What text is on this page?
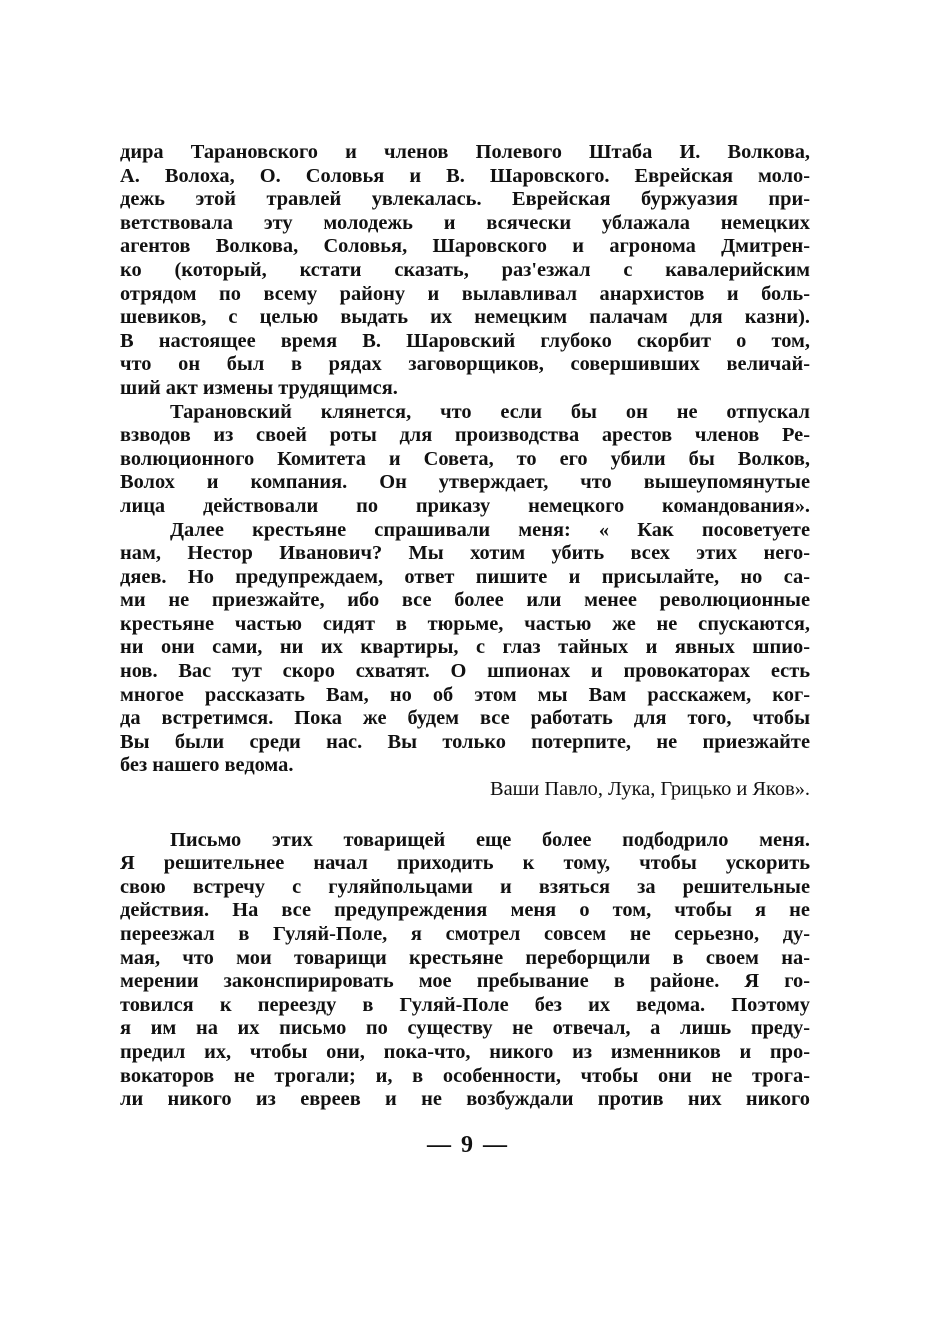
дира Тарановского и членов Полевого Штаба И. Волкова,
А. Волоха, О. Соловья и В. Шаровского. Еврейская моло-
дежь этой травлей увлекалась. Еврейская буржуазия при-
ветствовала эту молодежь и всячески ублажала немецких
агентов Волкова, Соловья, Шаровского и агронома Дмитрен-
ко (который, кстати сказать, раз'езжал с кавалерийским
отрядом по всему району и вылавливал анархистов и боль-
шевиков, с целью выдать их немецким палачам для казни).
В настоящее время В. Шаровский глубоко скорбит о том,
что он был в рядах заговорщиков, совершивших величай-
ший акт измены трудящимся.
Тарановский клянется, что если бы он не отпускал
взводов из своей роты для производства арестов членов Ре-
волюционного Комитета и Совета, то его убили бы Волков,
Волох и компания. Он утверждает, что вышеупомянутые
лица действовали по приказу немецкого командования».
Далее крестьяне спрашивали меня: « Как посоветуете
нам, Нестор Иванович? Мы хотим убить всех этих него-
дяев. Но предупреждаем, ответ пишите и присылайте, но са-
ми не приезжайте, ибо все более или менее революционные
крестьяне частью сидят в тюрьме, частью же не спускаются,
ни они сами, ни их квартиры, с глаз тайных и явных шпио-
нов. Вас тут скоро схватят. О шпионах и провокаторах есть
многое рассказать Вам, но об этом мы Вам расскажем, ког-
да встретимся. Пока же будем все работать для того, чтобы
Вы были среди нас. Вы только потерпите, не приезжайте
без нашего ведома.
Ваши Павло, Лука, Грицько и Яков».
Письмо этих товарищей еще более подбодрило меня.
Я решительнее начал приходить к тому, чтобы ускорить
свою встречу с гуляйпольцами и взяться за решительные
действия. На все предупреждения меня о том, чтобы я не
переезжал в Гуляй-Поле, я смотрел совсем не серьезно, ду-
мая, что мои товарищи крестьяне переборщили в своем на-
мерении законспирировать мое пребывание в районе. Я го-
товился к переезду в Гуляй-Поле без их ведома. Поэтому
я им на их письмо по существу не отвечал, а лишь преду-
предил их, чтобы они, пока-что, никого из изменников и про-
вокаторов не трогали; и, в особенности, чтобы они не трога-
ли никого из евреев и не возбуждали против них никого
— 9 —
